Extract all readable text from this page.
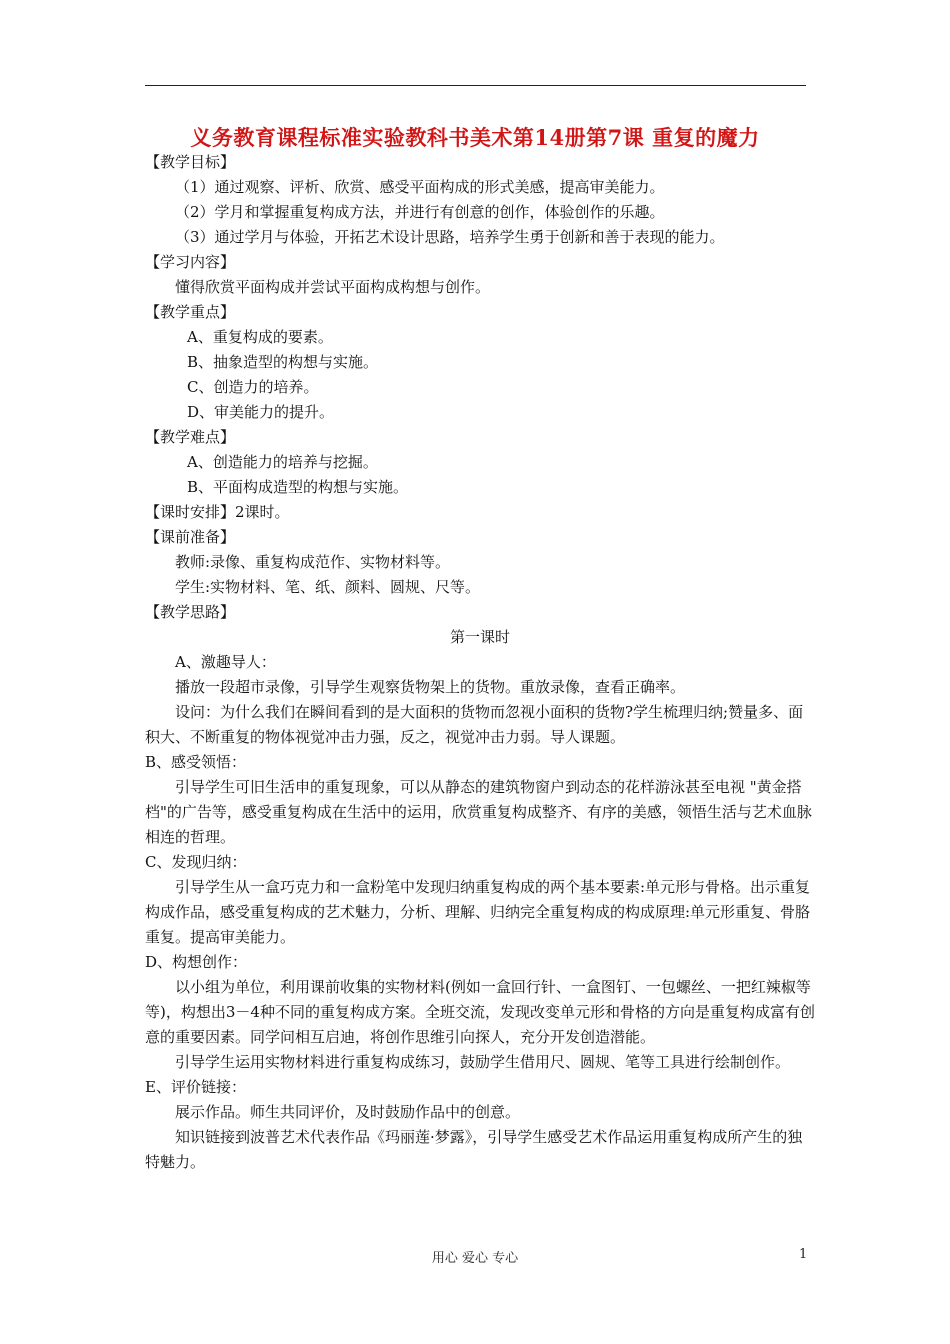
义务教育课程标准实验教科书美术第14册第7课 重复的魔力

【教学目标】

（1）通过观察、评析、欣赏、感受平面构成的形式美感，提高审美能力。

（2）学月和掌握重复构成方法，并进行有创意的创作，体验创作的乐趣。

（3）通过学月与体验，开拓艺术设计思路，培养学生勇于创新和善于表现的能力。

【学习内容】

懂得欣赏平面构成并尝试平面构成构想与创作。

【教学重点】

A、重复构成的要素。

B、抽象造型的构想与实施。

C、创造力的培养。

D、审美能力的提升。

【教学难点】

A、创造能力的培养与挖掘。

B、平面构成造型的构想与实施。

【课时安排】2课时。

【课前准备】

教师:录像、重复构成范作、实物材料等。

学生:实物材料、笔、纸、颜料、圆规、尺等。

【教学思路】

第一课时

A、激趣导人：

播放一段超市录像，引导学生观察货物架上的货物。重放录像，查看正确率。

设问：为什么我们在瞬间看到的是大面积的货物而忽视小面积的货物?学生梳理归纳;赞量多、面积大、不断重复的物体视觉冲击力强，反之，视觉冲击力弱。导人课题。

B、感受领悟：

引导学生可旧生活申的重复现象，可以从静态的建筑物窗户到动态的花样游泳甚至电视 "黄金搭档"的广告等，感受重复构成在生活中的运用，欣赏重复构成整齐、有序的美感，领悟生活与艺术血脉相连的哲理。

C、发现归纳：

引导学生从一盒巧克力和一盒粉笔中发现归纳重复构成的两个基本要素:单元形与骨格。出示重复构成作品，感受重复构成的艺术魅力，分析、理解、归纳完全重复构成的构成原理:单元形重复、骨胳 重复。提高审美能力。

D、构想创作：

以小组为单位，利用课前收集的实物材料(例如一盒回行针、一盒图钉、一包螺丝、一把红辣椒等等)，构想出3－4种不同的重复构成方案。全班交流，发现改变单元形和骨格的方向是重复构成富有创意的重要因素。同学问相互启迪，将创作思维引向探人，充分开发创造潜能。

引导学生运用实物材料进行重复构成练习，鼓励学生借用尺、圆规、笔等工具进行绘制创作。

E、评价链接：

展示作品。师生共同评价，及时鼓励作品中的创意。

知识链接到波普艺术代表作品《玛丽莲·梦露》，引导学生感受艺术作品运用重复构成所产生的独特魅力。

用心 爱心 专心	1
